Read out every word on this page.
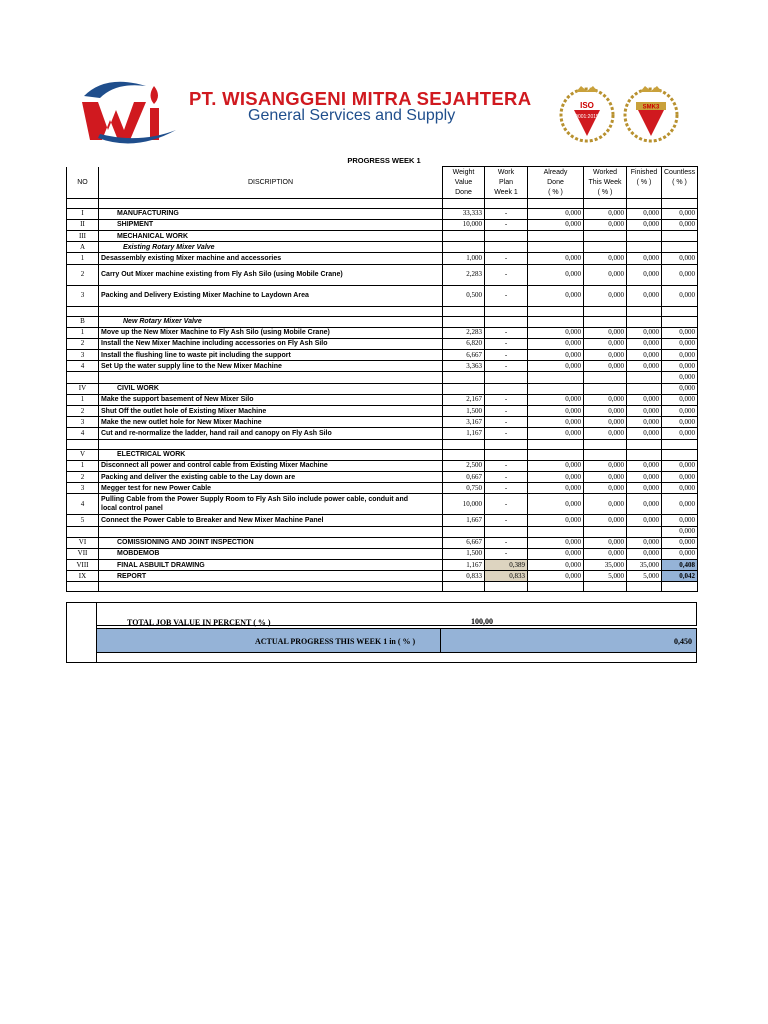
PT. WISANGGENI MITRA SEJAHTERA
General Services and Supply
ISO
9001:2015
SMK3
PROGRESS WEEK 1
		Weight	Work	Already	Worked	Finished	Countless
NO	DISCRIPTION	Value	Plan	Done	This Week	( % )	( % )
		Done	Week 1	( % )	( % )		

I	MANUFACTURING	33,333	-	0,000	0,000	0,000	0,000
II	SHIPMENT	10,000	-	0,000	0,000	0,000	0,000
III	MECHANICAL WORK						
A	Existing Rotary Mixer Valve						
1	Desassembly existing Mixer machine and accessories	1,000	-	0,000	0,000	0,000	0,000
2	Carry Out Mixer machine existing from Fly Ash Silo (using Mobile Crane)	2,283	-	0,000	0,000	0,000	0,000
3	Packing and Delivery Existing Mixer Machine to Laydown Area	0,500	-	0,000	0,000	0,000	0,000

B	New Rotary Mixer Valve						
1	Move up the New Mixer Machine to Fly Ash Silo (using Mobile Crane)	2,283	-	0,000	0,000	0,000	0,000
2	Install the New Mixer Machine including accessories on Fly Ash Silo	6,820	-	0,000	0,000	0,000	0,000
3	Install the flushing line to waste pit including the support	6,667	-	0,000	0,000	0,000	0,000
4	Set Up the water supply line to the New Mixer Machine	3,363	-	0,000	0,000	0,000	0,000
							0,000
IV	CIVIL WORK						0,000
1	Make the support basement of New Mixer Silo	2,167	-	0,000	0,000	0,000	0,000
2	Shut Off the outlet hole of Existing Mixer Machine	1,500	-	0,000	0,000	0,000	0,000
3	Make the new outlet hole for New Mixer Machine	3,167	-	0,000	0,000	0,000	0,000
4	Cut and re-normalize the ladder, hand rail and canopy on Fly Ash Silo	1,167	-	0,000	0,000	0,000	0,000

V	ELECTRICAL WORK						
1	Disconnect all power and control cable from Existing Mixer Machine	2,500	-	0,000	0,000	0,000	0,000
2	Packing and deliver the existing cable to the Lay down are	0,667	-	0,000	0,000	0,000	0,000
3	Megger test for new Power Cable	0,750	-	0,000	0,000	0,000	0,000
4	Pulling Cable from the Power Supply Room to Fly Ash Silo include power cable, conduit and
local control panel	10,000	-	0,000	0,000	0,000	0,000
5	Connect the Power Cable to Breaker and New Mixer Machine Panel	1,667	-	0,000	0,000	0,000	0,000
							0,000
VI	COMISSIONING AND JOINT INSPECTION	6,667	-	0,000	0,000	0,000	0,000
VII	MOBDEMOB	1,500	-	0,000	0,000	0,000	0,000
VIII	FINAL ASBUILT DRAWING	1,167	0,389	0,000	35,000	35,000	0,408
IX	REPORT	0,833	0,833	0,000	5,000	5,000	0,042

TOTAL JOB VALUE IN PERCENT ( % )	100,00
ACTUAL PROGRESS THIS WEEK 1 in ( % )	0,450
